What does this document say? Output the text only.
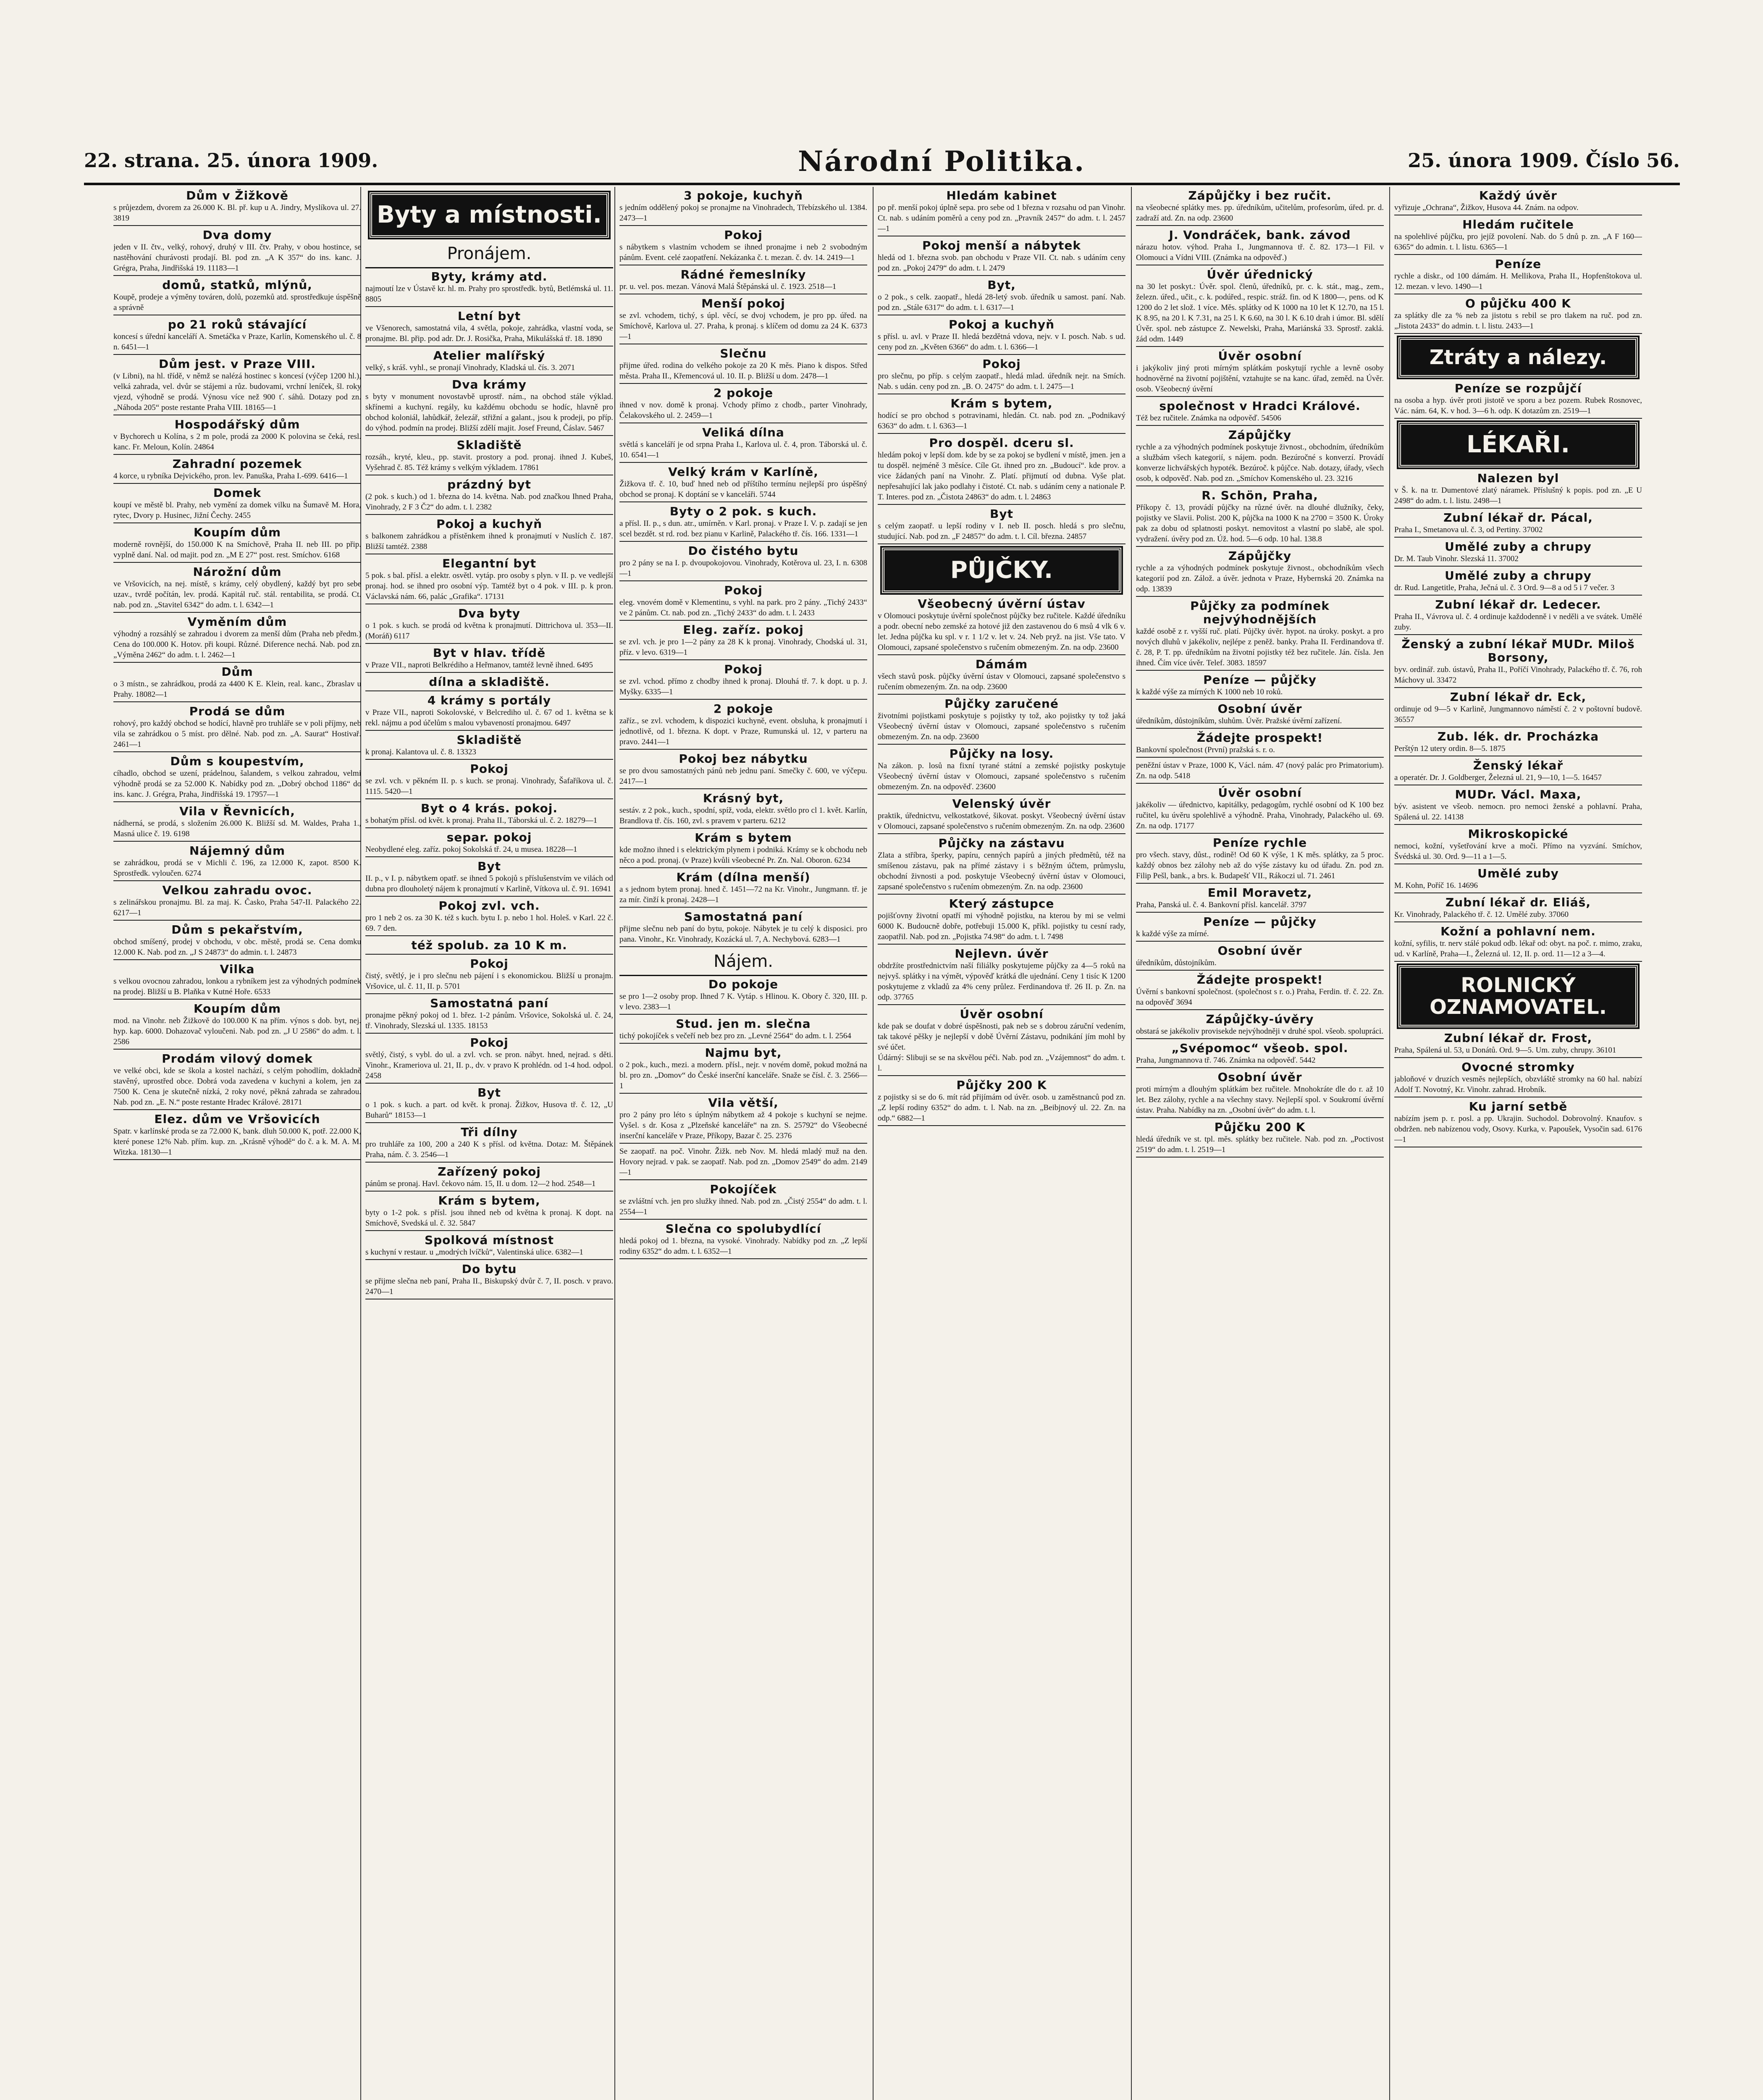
22. strana. 25. února 1909.	Národní Politika.	25. února 1909. Číslo 56.
Dům v Žižkově

s průjezdem, dvorem za 26.000 K. Bl. př. kup u A. Jindry, Myslíkova ul. 27. 3819

Dva domy

jeden v II. čtv., velký, rohový, druhý v III. čtv. Prahy, v obou hostince, se nastěhování churávosti prodají. Bl. pod zn. „A K 357“ do ins. kanc. J. Grégra, Praha, Jindřišská 19. 11183—1

domů, statků, mlýnů,

Koupě, prodeje a výměny továren, dolů, pozemků atd. sprostředkuje úspěšně a správně

po 21 roků stávající

koncesí s úřední kanceláří A. Smetáčka v Praze, Karlín, Komenského ul. č. 8 n. 6451—1

Dům jest. v Praze VIII.

(v Libni), na hl. třídě, v němž se nalézá hostinec s koncesí (výčep 1200 hl.), velká zahrada, vel. dvůr se stájemi a růz. budovami, vrchní leníček, šl. roky vjezd, výhodně se prodá. Výnosu více než 900 ť. sáhů. Dotazy pod zn. „Náhoda 205“ poste restante Praha VIII. 18165—1

Hospodářský dům

v Bychorech u Kolína, s 2 m pole, prodá za 2000 K polovina se čeká, resl. kanc. Fr. Meloun, Kolín. 24864

Zahradní pozemek

4 korce, u rybníka Dejvického, pron. lev. Panuška, Praha I.-699. 6416—1

Domek

koupí ve městě bl. Prahy, neb vymění za domek vilku na Šumavě M. Hora, rytec, Dvory p. Husinec, Jižní Čechy. 2455

Koupím dům

moderně rovnější, do 150.000 K na Smíchově, Praha II. neb III. po přip. vyplně daní. Nal. od majit. pod zn. „M E 27“ post. rest. Smíchov. 6168

Nárožní dům

ve Vršovicích, na nej. místě, s krámy, celý obydlený, každý byt pro sebe uzav., tvrdě počítán, lev. prodá. Kapitál ruč. stál. rentabilita, se prodá. Ct. nab. pod zn. „Stavitel 6342“ do adm. t. l. 6342—1

Vyměním dům

výhodný a rozsáhlý se zahradou i dvorem za menší dům (Praha neb předm.) Cena do 100.000 K. Hotov. při koupi. Různé. Diference nechá. Nab. pod zn. „Výměna 2462“ do adm. t. l. 2462—1

Dům

o 3 místn., se zahrádkou, prodá za 4400 K E. Klein, real. kanc., Zbraslav u Prahy. 18082—1

Prodá se dům

rohový, pro každý obchod se hodící, hlavně pro truhláře se v poli příjmy, neb vila se zahrádkou o 5 míst. pro dělné. Nab. pod zn. „A. Saurat“ Hostivař. 2461—1

Dům s koupestvím,

cíhadlo, obchod se uzení, prádelnou, šalandem, s velkou zahradou, velmi výhodně prodá se za 52.000 K. Nabídky pod zn. „Dobrý obchod 1186“ do ins. kanc. J. Grégra, Praha, Jindřišská 19. 17957—1

Vila v Řevnicích,

nádherná, se prodá, s složením 26.000 K. Bližší sd. M. Waldes, Praha 1., Masná ulice č. 19. 6198

Nájemný dům

se zahrádkou, prodá se v Michli č. 196, za 12.000 K, zapot. 8500 K. Sprostředk. vyloučen. 6274

Velkou zahradu ovoc.

s zelinářskou pronajmu. Bl. za maj. K. Časko, Praha 547-II. Palackého 22. 6217—1

Dům s pekařstvím,

obchod smíšený, prodej v obchodu, v obc. městě, prodá se. Cena domku 12.000 K. Nab. pod zn. „J S 24873“ do admin. t. l. 24873

Vilka

s velkou ovocnou zahradou, lonkou a rybníkem jest za výhodných podmínek na prodej. Bližší u B. Plaňka v Kutné Hoře. 6533

Koupím dům

mod. na Vinohr. neb Žižkově do 100.000 K na přím. výnos s dob. byt, nej. hyp. kap. 6000. Dohazovač vyloučeni. Nab. pod zn. „J U 2586“ do adm. t. l. 2586

Prodám vilový domek

ve velké obci, kde se škola a kostel nachází, s celým pohodlím, dokladně stavěný, uprostřed obce. Dobrá voda zavedena v kuchyni a kolem, jen za 7500 K. Cena je skutečně nízká, 2 roky nové, pěkná zahrada se zahradou. Nab. pod zn. „E. N.“ poste restante Hradec Králové. 28171

Elez. dům ve Vršovicích

Spatr. v karlínské proda se za 72.000 K, bank. dluh 50.000 K, potř. 22.000 K, které ponese 12% Nab. přím. kup. zn. „Krásně výhodě“ do č. a k. M. A. M. Witzka. 18130—1

Byty a místnosti.
Pronájem.
Byty, krámy atd.

najmoutí lze v Ústavě kr. hl. m. Prahy pro sprostředk. bytů, Betlémská ul. 11. 8805

Letní byt

ve Všenorech, samostatná vila, 4 světla, pokoje, zahrádka, vlastní voda, se pronajme. Bl. přip. pod adr. Dr. J. Rosička, Praha, Mikulášská tř. 18. 1890

Atelier malířský

velký, s kráš. vyhl., se pronají Vinohrady, Kladská ul. čís. 3. 2071

Dva krámy

s byty v monument novostavbě uprostř. nám., na obchod stále výklad. skřínemi a kuchyní. regály, ku každému obchodu se hodíc, hlavně pro obchod koloniál, lahůdkář, železář, střižní a galant., jsou k prodeji, po příp. do výhod. podmín na prodej. Bližší zdělí majit. Josef Freund, Čáslav. 5467

Skladiště

rozsáh., kryté, kleu., pp. stavit. prostory a pod. pronaj. ihned J. Kubeš, Vyšehrad č. 85. Též krámy s velkým výkladem. 17861

prázdný byt

(2 pok. s kuch.) od 1. března do 14. května. Nab. pod značkou Ihned Praha, Vinohrady, 2 F 3 Č2“ do adm. t. l. 2382

Pokoj a kuchyň

s balkonem zahrádkou a přístěnkem ihned k pronajmutí v Nuslích č. 187. Bližší tamtéž. 2388

Elegantní byt

5 pok. s bal. přísl. a elektr. osvětl. vytáp. pro osoby s plyn. v II. p. ve vedlejší pronaj. hod. se ihned pro osobní výp. Tamtéž byt o 4 pok. v III. p. k pron. Václavská nám. 66, palác „Grafika“. 17131

Dva byty

o 1 pok. s kuch. se prodá od května k pronajmutí. Dittrichova ul. 353—II. (Moráň) 6117

Byt v hlav. třídě

v Praze VII., naproti Belkrédiho a Heřmanov, tamtéž levně ihned. 6495

dílna a skladiště.
4 krámy s portály

v Praze VII., naproti Sokolovské, v Belcrediho ul. č. 67 od 1. května se k rekl. nájmu a pod účelům s malou vybaveností pronajmou. 6497

Skladiště

k pronaj. Kalantova ul. č. 8. 13323

Pokoj

se zvl. vch. v pěkném II. p. s kuch. se pronaj. Vinohrady, Šafaříkova ul. č. 1115. 5420—1

Byt o 4 krás. pokoj.

s bohatým přísl. od květ. k pronaj. Praha II., Táborská ul. č. 2. 18279—1

separ. pokoj

Neobydlené eleg. zaříz. pokoj Sokolská tř. 24, u musea. 18228—1

Byt

II. p., v I. p. nábytkem opatř. se ihned 5 pokojů s příslušenstvím ve vilách od dubna pro dlouholetý nájem k pronajmutí v Karlině, Vítkova ul. č. 91. 16941

Pokoj zvl. vch.

pro 1 neb 2 os. za 30 K. též s kuch. bytu I. p. nebo 1 hol. Holeš. v Karl. 22 č. 69. 7 den.

též spolub. za 10 K m.
Pokoj

čistý, světlý, je i pro slečnu neb pájení i s ekonomickou. Bližší u pronajm. Vršovice, ul. č. 11, II. p. 5701

Samostatná paní

pronajme pěkný pokoj od 1. břez. 1-2 pánům. Vršovice, Sokolská ul. č. 24, tř. Vinohrady, Slezská ul. 1335. 18153

Pokoj

světlý, čistý, s vybl. do ul. a zvl. vch. se pron. nábyt. hned, nejrad. s děti. Vinohr., Krameriova ul. 21, II. p., dv. v pravo K prohlédn. od 1-4 hod. odpol. 2458

Byt

o 1 pok. s kuch. a part. od květ. k pronaj. Žižkov, Husova tř. č. 12, „U Buharů“ 18153—1

Tři dílny

pro truhláře za 100, 200 a 240 K s přísl. od května. Dotaz: M. Štěpánek Praha, nám. č. 3. 2546—1

Zařízený pokoj

pánům se pronaj. Havl. čekovo nám. 15, II. u dom. 12—2 hod. 2548—1

Krám s bytem,

byty o 1-2 pok. s přísl. jsou ihned neb od května k pronaj. K dopt. na Smíchově, Svedská ul. č. 32. 5847

Spolková místnost

s kuchyní v restaur. u „modrých lvíčků“, Valentinská ulice. 6382—1

Do bytu

se přijme slečna neb paní, Praha II., Biskupský dvůr č. 7, II. posch. v pravo. 2470—1

3 pokoje, kuchyň

s jedním oddělený pokoj se pronajme na Vinohradech, Třebízského ul. 1384. 2473—1

Pokoj

s nábytkem s vlastním vchodem se ihned pronajme i neb 2 svobodným pánům. Event. celé zaopatření. Nekázanka č. t. mezan. č. dv. 14. 2419—1

Rádné řemeslníky

pr. u. vel. pos. mezan. Vánová Malá Štěpánská ul. č. 1923. 2518—1

Menší pokoj

se zvl. vchodem, tichý, s úpl. věcí, se dvoj vchodem, je pro pp. úřed. na Smíchově, Karlova ul. 27. Praha, k pronaj. s klíčem od domu za 24 K. 6373—1

Slečnu

přijme úřed. rodina do velkého pokoje za 20 K měs. Piano k dispos. Střed města. Praha II., Křemencová ul. 10. II. p. Bližší u dom. 2478—1

2 pokoje

ihned v nov. domě k pronaj. Vchody přímo z chodb., parter Vinohrady, Čelakovského ul. 2. 2459—1

Veliká dílna

světlá s kanceláří je od srpna Praha I., Karlova ul. č. 4, pron. Táborská ul. č. 10. 6541—1

Velký krám v Karlíně,

Žižkova tř. č. 10, buď hned neb od příštího termínu nejlepší pro úspěšný obchod se pronaj. K doptání se v kanceláři. 5744

Byty o 2 pok. s kuch.

a přísl. II. p., s dun. atr., umírněn. v Karl. pronaj. v Praze I. V. p. zadají se jen scel bezdět. st rd. rod. bez pianu v Karlině, Palackého tř. čís. 166. 1331—1

Do čistého bytu

pro 2 pány se na I. p. dvoupokojovou. Vinohrady, Kotěrova ul. 23, I. n. 6308—1

Pokoj

eleg. vnovém domě v Klementinu, s vyhl. na park. pro 2 pány. „Tichý 2433“ ve 2 pánům. Ct. nab. pod zn. „Tichý 2433“ do adm. t. l. 2433

Eleg. zaříz. pokoj

se zvl. vch. je pro 1—2 pány za 28 K k pronaj. Vinohrady, Chodská ul. 31, příz. v levo. 6319—1

Pokoj

se zvl. vchod. přímo z chodby ihned k pronaj. Dlouhá tř. 7. k dopt. u p. J. Myšky. 6335—1

2 pokoje

zaříz., se zvl. vchodem, k dispozici kuchyně, event. obsluha, k pronajmutí i jednotlivě, od 1. března. K dopt. v Praze, Rumunská ul. 12, v parteru na pravo. 2441—1

Pokoj bez nábytku

se pro dvou samostatných pánů neb jednu paní. Smečky č. 600, ve výčepu. 2417—1

Krásný byt,

sestáv. z 2 pok., kuch., spodní, spíž, voda, elektr. světlo pro cl 1. květ. Karlín, Brandlova tř. čís. 160, zvl. s pravem v parteru. 6212

Krám s bytem

kde možno ihned i s elektrickým plynem i podniká. Krámy se k obchodu neb něco a pod. pronaj. (v Praze) kvůli všeobecné Pr. Zn. Nal. Oboron. 6234

Krám (dílna menší)

a s jednom bytem pronaj. hned č. 1451—72 na Kr. Vinohr., Jungmann. tř. je za mír. činží k pronaj. 2428—1

Samostatná paní

přijme slečnu neb paní do bytu, pokoje. Nábytek je tu celý k disposici. pro pana. Vinohr., Kr. Vinohrady, Kozácká ul. 7, A. Nechybová. 6283—1

Nájem.
Do pokoje

se pro 1—2 osoby prop. Ihned 7 K. Vytáp. s Hlinou. K. Obory č. 320, III. p. v levo. 2383—1

Stud. jen m. slečna

tichý pokojíček s večeří neb bez pro zn. „Levné 2564“ do adm. t. l. 2564

Najmu byt,

o 2 pok., kuch., mezi. a modern. přísl., nejr. v novém domě, pokud možná na bl. pro zn. „Domov“ do České inserční kanceláře. Snaže se čísl. č. 3. 2566—1

Vila větší,

pro 2 pány pro léto s úplným nábytkem až 4 pokoje s kuchyní se nejme. Vyšel. s dr. Kosa z „Plzeňské kanceláře“ na zn. S. 25792“ do Všeobecné inserční kanceláře v Praze, Příkopy, Bazar č. 25. 2376

Se zaopatř. na poč. Vinohr. Žižk. neb Nov. M. hledá mladý muž na den. Hovory nejrad. v pak. se zaopatř. Nab. pod zn. „Domov 2549“ do adm. 2149—1

Pokojíček

se zvláštní vch. jen pro služky ihned. Nab. pod zn. „Čistý 2554“ do adm. t. l. 2554—1

Slečna co spolubydlící

hledá pokoj od 1. března, na vysoké. Vinohrady. Nabídky pod zn. „Z lepší rodiny 6352“ do adm. t. l. 6352—1

Hledám kabinet

po př. menší pokoj úplně sepa. pro sebe od 1 března v rozsahu od pan Vinohr. Ct. nab. s udáním poměrů a ceny pod zn. „Pravník 2457“ do adm. t. l. 2457—1

Pokoj menší a nábytek

hledá od 1. března svob. pan obchodu v Praze VII. Ct. nab. s udáním ceny pod zn. „Pokoj 2479“ do adm. t. l. 2479

Byt,

o 2 pok., s celk. zaopatř., hledá 28-letý svob. úředník u samost. paní. Nab. pod zn. „Stále 6317“ do adm. t. l. 6317—1

Pokoj a kuchyň

s přísl. u. avl. v Praze II. hledá bezdětná vdova, nejv. v I. posch. Nab. s ud. ceny pod zn. „Květen 6366“ do adm. t. l. 6366—1

Pokoj

pro slečnu, po příp. s celým zaopatř., hledá mlad. úředník nejr. na Smích. Nab. s udán. ceny pod zn. „B. O. 2475“ do adm. t. l. 2475—1

Krám s bytem,

hodící se pro obchod s potravinami, hledán. Ct. nab. pod zn. „Podnikavý 6363“ do adm. t. l. 6363—1

Pro dospěl. dceru sl.

hledám pokoj v lepší dom. kde by se za pokoj se bydlení v místě, jmen. jen a tu dospěl. nejméně 3 měsíce. Cíle Gt. ihned pro zn. „Budoucí“. kde prov. a vice žádaných paní na Vinohr. Z. Platí. přijmutí od dubna. Vyše plat. nepřesahující lak jako podlahy i čistoté. Ct. nab. s udáním ceny a nationale P. T. Interes. pod zn. „Čistota 24863“ do adm. t. l. 24863

Byt

s celým zaopatř. u lepší rodiny v I. neb II. posch. hledá s pro slečnu, studující. Nab. pod zn. „F 24857“ do adm. t. l. Cíl. března. 24857

PŮJČKY.
Všeobecný úvěrní ústav

v Olomouci poskytuje úvěrní společnost půjčky bez ručitele. Každé úředníku a podr. obecní nebo zemské za hotové již den zastavenou do 6 msů 4 vlk 6 v. let. Jedna půjčka ku spl. v r. 1 1/2 v. let v. 24. Neb pryž. na jist. Vše tato. V Olomouci, zapsané společenstvo s ručením obmezeným. Zn. na odp. 23600

Dámám

všech stavů posk. půjčky úvěrní ústav v Olomouci, zapsané společenstvo s ručením obmezeným. Zn. na odp. 23600

Půjčky zaručené

životními pojistkami poskytuje s pojistky ty tož, ako pojistky ty tož jaká Všeobecný úvěrní ústav v Olomouci, zapsané společenstvo s ručením obmezeným. Zn. na odp. 23600

Půjčky na losy.

Na zákon. p. losů na fixní tyrané státní a zemské pojistky poskytuje Všeobecný úvěrní ústav v Olomouci, zapsané společenstvo s ručením obmezeným. Zn. na odpověď. 23600

Velenský úvěr

praktik, úřednictvu, velkostatkové, šikovat. poskyt. Všeobecný úvěrní ústav v Olomouci, zapsané společenstvo s ručením obmezeným. Zn. na odp. 23600

Půjčky na zástavu

Zlata a stříbra, šperky, papíru, cenných papírů a jiných předmětů, též na smíšenou zástavu, pak na přímé zástavy i s běžným účtem, průmyslu, obchodní živnosti a pod. poskytuje Všeobecný úvěrní ústav v Olomouci, zapsané společenstvo s ručením obmezeným. Zn. na odp. 23600

Který zástupce

pojišťovny životní opatří mi výhodně pojistku, na kterou by mi se velmi 6000 K. Budoucně dobře, potřebuji 15.000 K, příkl. pojistky tu cesní rady, zaopatřil. Nab. pod zn. „Pojistka 74.98“ do adm. t. l. 7498

Nejlevn. úvěr

obdržíte prostřednictvím naší filiálky poskytujeme půjčky za 4—5 roků na nejvyš. splátky i na výmět, výpověď krátká dle ujednání. Ceny 1 tisíc K 1200 poskytujeme z vkladů za 4% ceny průlez. Ferdinandova tř. 26 II. p. Zn. na odp. 37765

Úvěr osobní

kde pak se doufat v dobré úspěšnosti, pak neb se s dobrou záruční vedením, tak takové pěšky je nejlepší v době Úvěrní Zástavu, podnikání jím mohl by své účet.

Údárný: Slibuji se se na skvělou péči. Nab. pod zn. „Vzájemnost“ do adm. t. l.

Půjčky 200 K

z pojistky si se do 6. mít rád přijímám od úvěr. osob. u zaměstnanců pod zn. „Z lepší rodiny 6352“ do adm. t. l. Nab. na zn. „Beibjnový ul. 22. Zn. na odp.“ 6882—1

Zápůjčky i bez ručit.

na všeobecné splátky mes. pp. úředníkům, učitelům, profesorům, úřed. pr. d. zadraží atd. Zn. na odp. 23600

J. Vondráček, bank. závod

nárazu hotov. výhod. Praha I., Jungmannova tř. č. 82. 173—1 Fil. v Olomouci a Vídni VIII. (Známka na odpověď.)

Úvěr úřednický

na 30 let poskyt.: Úvěr. spol. členů, úředníků, pr. c. k. stát., mag., zem., železn. úřed., učit., c. k. podúřed., respic. stráž. fin. od K 1800—, pens. od K 1200 do 2 let slož. 1 více. Měs. splátky od K 1000 na 10 let K 12.70, na 15 l. K 8.95, na 20 l. K 7.31, na 25 l. K 6.60, na 30 l. K 6.10 drah i úmor. Bl. sdělí Úvěr. spol. neb zástupce Z. Newelski, Praha, Mariánská 33. Sprostř. zaklá. žád odm. 1449

Úvěr osobní

i jakýkoliv jiný proti mírným splátkám poskytují rychle a levně osoby hodnověrné na životní pojištění, vztahujte se na kanc. úřad, zeměd. na Úvěr. osob. Všeobecný úvěrní

společnost v Hradci Králové.

Též bez ručitele. Známka na odpověď. 54506

Zápůjčky

rychle a za výhodných podmínek poskytuje živnost., obchodním, úředníkům a službám všech kategorií, s nájem. podn. Bezúročné s konverzí. Provádí konverze lichvářských hypoték. Bezúroč. k půjčce. Nab. dotazy, úřady, všech osob, k odpověď. Nab. pod zn. „Smíchov Komenského ul. 23. 3216

R. Schön, Praha,

Příkopy č. 13, provádí půjčky na různé úvěr. na dlouhé dlužníky, čeky, pojistky ve Slavii. Polist. 200 K, půjčka na 1000 K na 2700 = 3500 K. Úroky pak za dobu od splatnosti poskyt. nemovitost a vlastní po slabě, ale spol. vydražení. úvěry pod zn. Úž. hod. 5—6 odp. 10 hal. 138.8

Zápůjčky

rychle a za výhodných podmínek poskytuje živnost., obchodníkům všech kategorií pod zn. Zálož. a úvěr. jednota v Praze, Hybernská 20. Známka na odp. 13839

Půjčky za podmínek nejvýhodnějších

každé osobě z r. vyšší ruč. platí. Půjčky úvěr. hypot. na úroky. poskyt. a pro nových dluhů v jakékoliv, nejlépe z peněž. banky. Praha II. Ferdinandova tř. č. 28, P. T. pp. úředníkům na životní pojistky též bez ručitele. Ján. čísla. Jen ihned. Čím více úvěr. Telef. 3083. 18597

Peníze — půjčky

k každé výše za mírných K 1000 neb 10 roků.

Osobní úvěr

úředníkům, důstojníkům, sluhům. Úvěr. Pražské úvěrní zařízení.

Žádejte prospekt!

Bankovní společnost (První) pražská s. r. o.

peněžní ústav v Praze, 1000 K, Václ. nám. 47 (nový palác pro Primatorium). Zn. na odp. 5418

Úvěr osobní

jakékoliv — úřednictvo, kapitálky, pedagogům, rychlé osobní od K 100 bez ručitel, ku úvěru spolehlivě a výhodně. Praha, Vinohrady, Palackého ul. 69. Zn. na odp. 17177

Peníze rychle

pro všech. stavy, důst., rodině! Od 60 K výše, 1 K měs. splátky, za 5 proc. každý obnos bez zálohy neb až do výše zástavy ku od úřadu. Zn. pod zn. Filip Pešl, bank., a brs. k. Budapešť VII., Rákoczi ul. 71. 2461

Emil Moravetz,

Praha, Panská ul. č. 4. Bankovní přísl. kancelář. 3797

Peníze — půjčky

k každé výše za mírné.

Osobní úvěr

úředníkům, důstojníkům.

Žádejte prospekt!

Úvěrní s bankovní společnost. (společnost s r. o.) Praha, Ferdin. tř. č. 22. Zn. na odpověď 3694

Zápůjčky-úvěry

obstará se jakékoliv provisekde nejvýhodněji v druhé spol. všeob. spolupráci.

„Svépomoc“ všeob. spol.

Praha, Jungmannova tř. 746. Známka na odpověď. 5442

Osobní úvěr

proti mírným a dlouhým splátkám bez ručitele. Mnohokráte dle do r. až 10 let. Bez zálohy, rychle a na všechny stavy. Nejlepší spol. v Soukromí úvěrní ústav. Praha. Nabídky na zn. „Osobní úvěr“ do adm. t. l.

Půjčku 200 K

hledá úředník ve st. tpl. měs. splátky bez ručitele. Nab. pod zn. „Poctivost 2519“ do adm. t. l. 2519—1

Každý úvěr

vyřizuje „Ochrana“, Žižkov, Husova 44. Znám. na odpov.

Hledám ručitele

na spolehlivé půjčku, pro jejíž povolení. Nab. do 5 dnů p. zn. „A F 160—6365“ do admin. t. l. listu. 6365—1

Peníze

rychle a diskr., od 100 dámám. H. Mellikova, Praha II., Hopfenštokova ul. 12. mezan. v levo. 1490—1

O půjčku 400 K

za splátky dle za % neb za jistotu s rebil se pro tlakem na ruč. pod zn. „Jistota 2433“ do admin. t. l. listu. 2433—1

Ztráty a nálezy.
Peníze se rozpůjčí

na osoba a hyp. úvěr proti jistotě ve sporu a bez pozem. Rubek Rosnovec, Vác. nám. 64, K. v hod. 3—6 h. odp. K dotazům zn. 2519—1

LÉKAŘI.
Nalezen byl

v Š. k. na tr. Dumentové zlatý náramek. Příslušný k popis. pod zn. „E U 2498“ do adm. t. l. listu. 2498—1

Zubní lékař dr. Pácal,

Praha I., Smetanova ul. č. 3, od Pertiny. 37002

Umělé zuby a chrupy

Dr. M. Taub Vinohr. Slezská 11. 37002

Umělé zuby a chrupy

dr. Rud. Langetitle, Praha, Ječná ul. č. 3 Ord. 9—8 a od 5 i 7 večer. 3

Zubní lékař dr. Ledecer.

Praha II., Vávrova ul. č. 4 ordinuje každodenně i v neděli a ve svátek. Umělé zuby.

Ženský a zubní lékař MUDr. Miloš Borsony,

byv. ordinář. zub. ústavů, Praha II., Poříčí Vinohrady, Palackého tř. č. 76, roh Máchovy ul. 33472

Zubní lékař dr. Eck,

ordinuje od 9—5 v Karlině, Jungmannovo náměstí č. 2 v poštovní budově. 36557

Zub. lék. dr. Procházka

Perštýn 12 utery ordin. 8—5. 1875

Ženský lékař

a operatér. Dr. J. Goldberger, Železná ul. 21, 9—10, 1—5. 16457

MUDr. Václ. Maxa,

býv. asistent ve všeob. nemocn. pro nemoci ženské a pohlavní. Praha, Spálená ul. 22. 14138

Mikroskopické

nemoci, kožní, vyšetřování krve a moči. Přímo na vyzvání. Smíchov, Švédská ul. 30. Ord. 9—11 a 1—5.

Umělé zuby

M. Kohn, Poříč 16. 14696

Zubní lékař dr. Eliáš,

Kr. Vinohrady, Palackého tř. č. 12. Umělé zuby. 37060

Kožní a pohlavní nem.

kožní, syfilis, tr. nerv stálé pokud odb. lékař od: obyt. na poč. r. mimo, zraku, ud. v Karlíně, Praha—I., Železná ul. 12, II. p. ord. 11—12 a 3—4.

ROLNICKÝ OZNAMOVATEL.
Zubní lékař dr. Frost,

Praha, Spálená ul. 53, u Donátů. Ord. 9—5. Um. zuby, chrupy. 36101

Ovocné stromky

jabloňové v druzích vesměs nejlepších, obzvláště stromky na 60 hal. nabízí Adolf T. Novotný, Kr. Vinohr. zahrad. Hrobník.

Ku jarní setbě

nabízím jsem p. r. posl. a pp. Ukrajin. Suchodol. Dobrovolný. Knaufov. s obdržen. neb nabízenou vody, Osovy. Kurka, v. Papoušek, Vysočin sad. 6176—1
